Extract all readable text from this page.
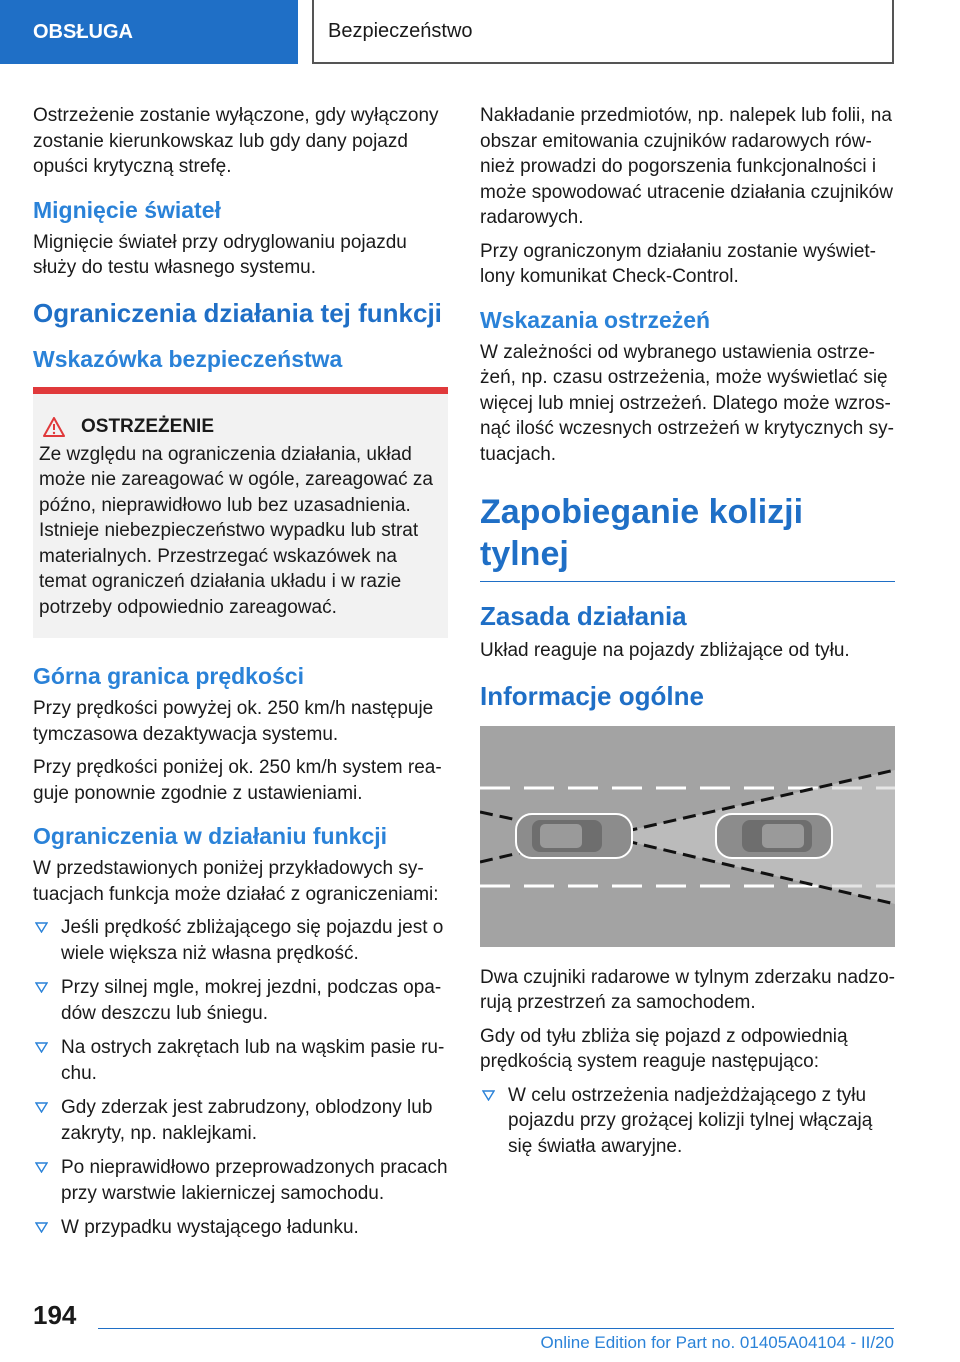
OBSŁUGA	Bezpieczeństwo

Ostrzeżenie zostanie wyłączone, gdy wyłączony zostanie kierunkowskaz lub gdy dany pojazd opuści krytyczną strefę.

Mignięcie świateł

Mignięcie świateł przy odryglowaniu pojazdu służy do testu własnego systemu.

Ograniczenia działania tej funkcji
Wskazówka bezpieczeństwa
OSTRZEŻENIE

Ze względu na ograniczenia działania, układ może nie zareagować w ogóle, zareagować za późno, nieprawidłowo lub bez uzasadnienia. Istnieje niebezpieczeństwo wypadku lub strat materialnych. Przestrzegać wskazówek na temat ograniczeń działania układu i w razie potrzeby odpowiednio zareagować.

Górna granica prędkości

Przy prędkości powyżej ok. 250 km/h następuje tymczasowa dezaktywacja systemu.

Przy prędkości poniżej ok. 250 km/h system reaguje ponownie zgodnie z ustawieniami.

Ograniczenia w działaniu funkcji

W przedstawionych poniżej przykładowych sytuacjach funkcja może działać z ograniczeniami:

Jeśli prędkość zbliżającego się pojazdu jest o wiele większa niż własna prędkość.
Przy silnej mgle, mokrej jezdni, podczas opadów deszczu lub śniegu.
Na ostrych zakrętach lub na wąskim pasie ruchu.
Gdy zderzak jest zabrudzony, oblodzony lub zakryty, np. naklejkami.
Po nieprawidłowo przeprowadzonych pracach przy warstwie lakierniczej samochodu.
W przypadku wystającego ładunku.

Nakładanie przedmiotów, np. nalepek lub folii, na obszar emitowania czujników radarowych również prowadzi do pogorszenia funkcjonalności i może spowodować utracenie działania czujników radarowych.

Przy ograniczonym działaniu zostanie wyświetlony komunikat Check-Control.

Wskazania ostrzeżeń

W zależności od wybranego ustawienia ostrzeżeń, np. czasu ostrzeżenia, może wyświetlać się więcej lub mniej ostrzeżeń. Dlatego może wzrosnąć ilość wczesnych ostrzeżeń w krytycznych sytuacjach.

Zapobieganie kolizji tylnej
Zasada działania

Układ reaguje na pojazdy zbliżające od tyłu.

Informacje ogólne

Dwa czujniki radarowe w tylnym zderzaku nadzorują przestrzeń za samochodem.

Gdy od tyłu zbliża się pojazd z odpowiednią prędkością system reaguje następująco:

W celu ostrzeżenia nadjeżdżającego z tyłu pojazdu przy grożącej kolizji tylnej włączają się światła awaryjne.
194
Online Edition for Part no. 01405A04104 - II/20
